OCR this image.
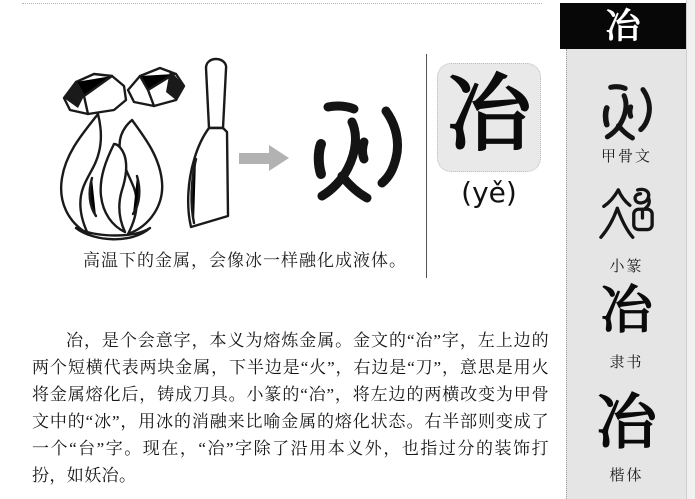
冶
(yě)
高温下的金属，会像冰一样融化成液体。

冶，是个会意字，本义为熔炼金属。金文的“冶”字，左上边的两个短横代表两块金属，下半边是“火”，右边是“刀”，意思是用火将金属熔化后，铸成刀具。小篆的“冶”，将左边的两横改变为甲骨文中的“冰”，用冰的消融来比喻金属的熔化状态。右半部则变成了一个“台”字。现在，“冶”字除了沿用本义外，也指过分的装饰打扮，如妖冶。

冶
甲骨文
小篆
冶
隶书
冶
楷体
